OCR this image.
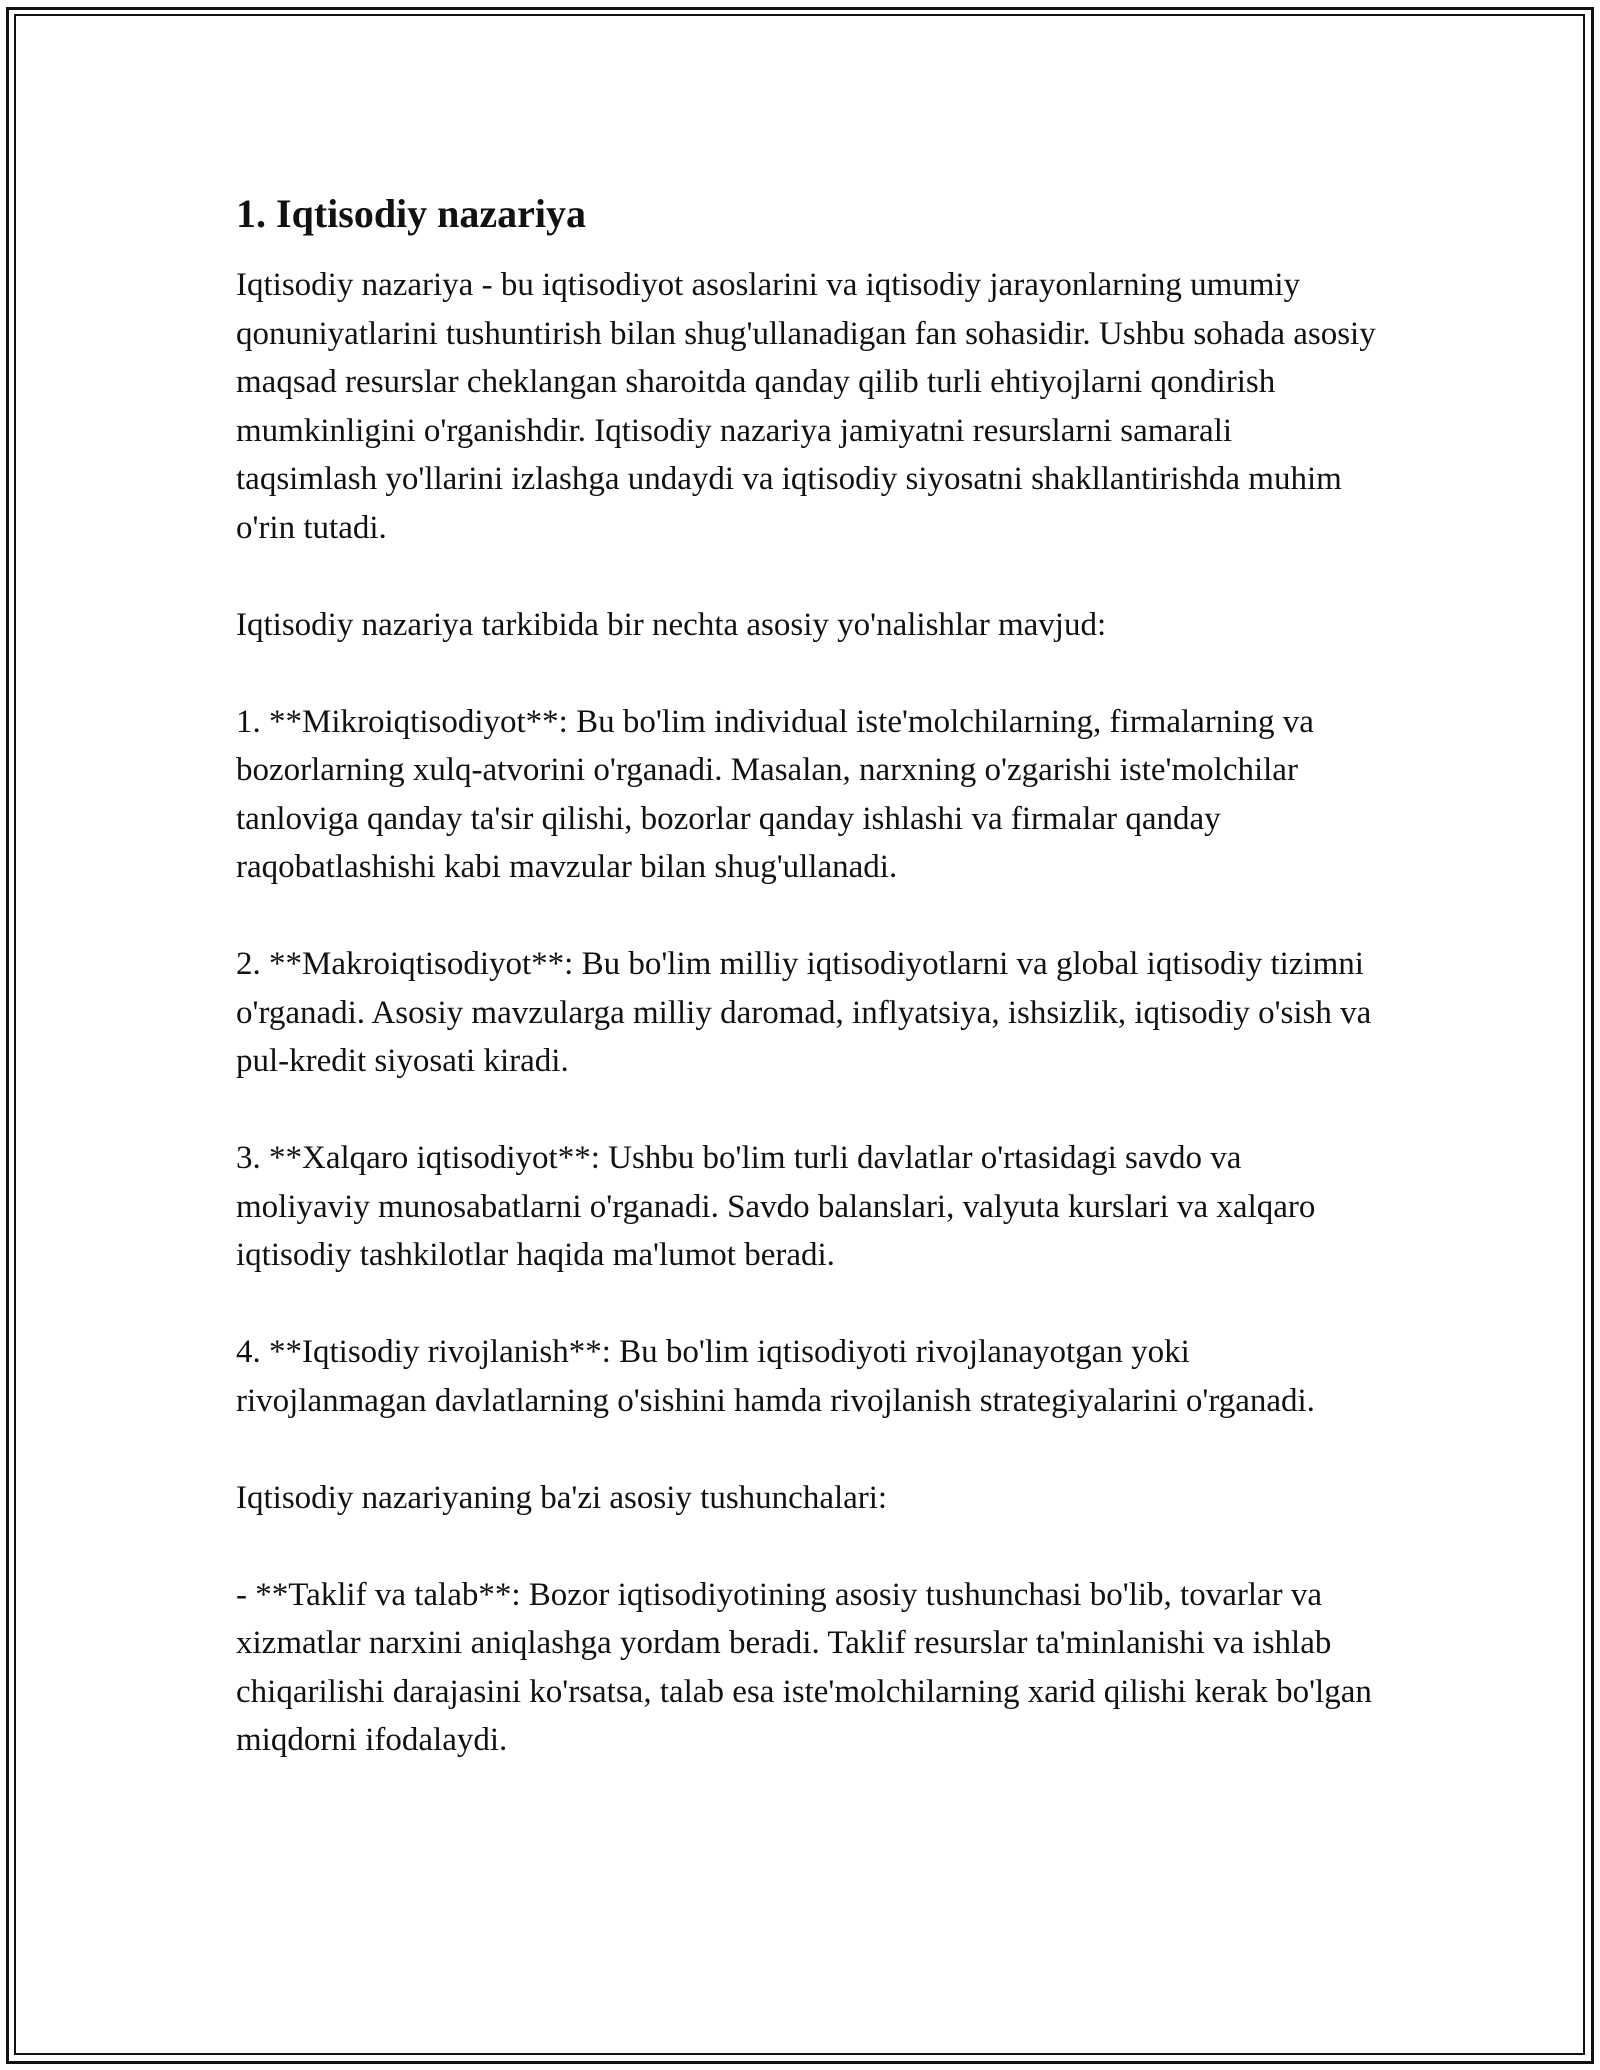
1. Iqtisodiy nazariya

Iqtisodiy nazariya - bu iqtisodiyot asoslarini va iqtisodiy jarayonlarning umumiy qonuniyatlarini tushuntirish bilan shug'ullanadigan fan sohasidir. Ushbu sohada asosiy maqsad resurslar cheklangan sharoitda qanday qilib turli ehtiyojlarni qondirish mumkinligini o'rganishdir. Iqtisodiy nazariya jamiyatni resurslarni samarali taqsimlash yo'llarini izlashga undaydi va iqtisodiy siyosatni shakllantirishda muhim o'rin tutadi.

Iqtisodiy nazariya tarkibida bir nechta asosiy yo'nalishlar mavjud:

1. **Mikroiqtisodiyot**: Bu bo'lim individual iste'molchilarning, firmalarning va bozorlarning xulq-atvorini o'rganadi. Masalan, narxning o'zgarishi iste'molchilar tanloviga qanday ta'sir qilishi, bozorlar qanday ishlashi va firmalar qanday raqobatlashishi kabi mavzular bilan shug'ullanadi.

2. **Makroiqtisodiyot**: Bu bo'lim milliy iqtisodiyotlarni va global iqtisodiy tizimni o'rganadi. Asosiy mavzularga milliy daromad, inflyatsiya, ishsizlik, iqtisodiy o'sish va pul-kredit siyosati kiradi.

3. **Xalqaro iqtisodiyot**: Ushbu bo'lim turli davlatlar o'rtasidagi savdo va moliyaviy munosabatlarni o'rganadi. Savdo balanslari, valyuta kurslari va xalqaro iqtisodiy tashkilotlar haqida ma'lumot beradi.

4. **Iqtisodiy rivojlanish**: Bu bo'lim iqtisodiyoti rivojlanayotgan yoki rivojlanmagan davlatlarning o'sishini hamda rivojlanish strategiyalarini o'rganadi.

Iqtisodiy nazariyaning ba'zi asosiy tushunchalari:

- **Taklif va talab**: Bozor iqtisodiyotining asosiy tushunchasi bo'lib, tovarlar va xizmatlar narxini aniqlashga yordam beradi. Taklif resurslar ta'minlanishi va ishlab chiqarilishi darajasini ko'rsatsa, talab esa iste'molchilarning xarid qilishi kerak bo'lgan miqdorni ifodalaydi.
